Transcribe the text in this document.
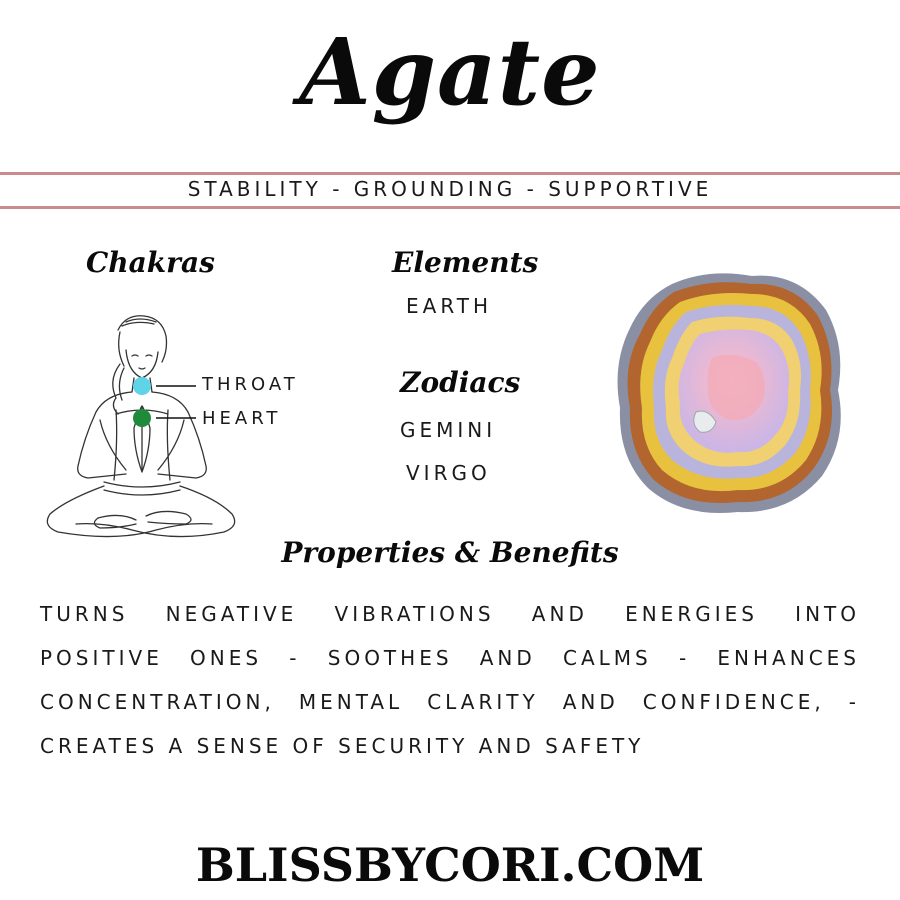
Agate
STABILITY - GROUNDING - SUPPORTIVE
Chakras
THROAT
HEART
Elements
EARTH
Zodiacs
GEMINI
VIRGO
Properties & Benefits
TURNS NEGATIVE VIBRATIONS AND ENERGIES INTO
POSITIVE ONES - SOOTHES AND CALMS - ENHANCES
CONCENTRATION, MENTAL CLARITY AND CONFIDENCE, -
CREATES A SENSE OF SECURITY AND SAFETY
BLISSBYCORI.COM
